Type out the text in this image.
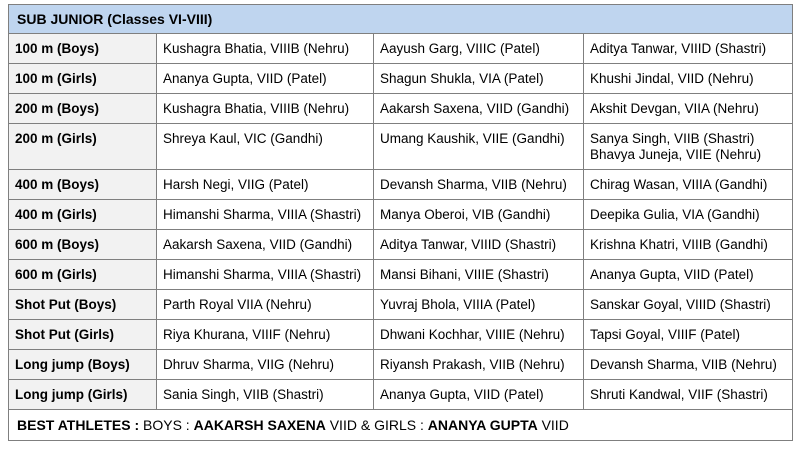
SUB JUNIOR (Classes VI-VIII)			
100 m (Boys)	Kushagra Bhatia, VIIIB (Nehru)	Aayush Garg, VIIIC (Patel)	Aditya Tanwar, VIIID (Shastri)
100 m (Girls)	Ananya Gupta, VIID (Patel)	Shagun Shukla, VIA (Patel)	Khushi Jindal, VIID (Nehru)
200 m (Boys)	Kushagra Bhatia, VIIIB (Nehru)	Aakarsh Saxena, VIID (Gandhi)	Akshit Devgan, VIIA (Nehru)
200 m (Girls)	Shreya Kaul, VIC (Gandhi)	Umang Kaushik, VIIE (Gandhi)	Sanya Singh, VIIB (Shastri)
Bhavya Juneja, VIIE (Nehru)

400 m (Boys)	Harsh Negi, VIIG (Patel)	Devansh Sharma, VIIB (Nehru)	Chirag Wasan, VIIIA (Gandhi)
400 m (Girls)	Himanshi Sharma, VIIIA (Shastri)	Manya Oberoi, VIB (Gandhi)	Deepika Gulia, VIA (Gandhi)
600 m (Boys)	Aakarsh Saxena, VIID (Gandhi)	Aditya Tanwar, VIIID (Shastri)	Krishna Khatri, VIIIB (Gandhi)
600 m (Girls)	Himanshi Sharma, VIIIA (Shastri)	Mansi Bihani, VIIIE (Shastri)	Ananya Gupta, VIID (Patel)
Shot Put (Boys)	Parth Royal VIIA (Nehru)	Yuvraj Bhola, VIIIA (Patel)	Sanskar Goyal, VIIID (Shastri)
Shot Put (Girls)	Riya Khurana, VIIIF (Nehru)	Dhwani Kochhar, VIIIE (Nehru)	Tapsi Goyal, VIIIF (Patel)
Long jump (Boys)	Dhruv Sharma, VIIG (Nehru)	Riyansh Prakash, VIIB (Nehru)	Devansh Sharma, VIIB (Nehru)
Long jump (Girls)	Sania Singh, VIIB (Shastri)	Ananya Gupta, VIID (Patel)	Shruti Kandwal, VIIF (Shastri)
BEST ATHLETES : BOYS : AAKARSH SAXENA VIID & GIRLS : ANANYA GUPTA VIID			
